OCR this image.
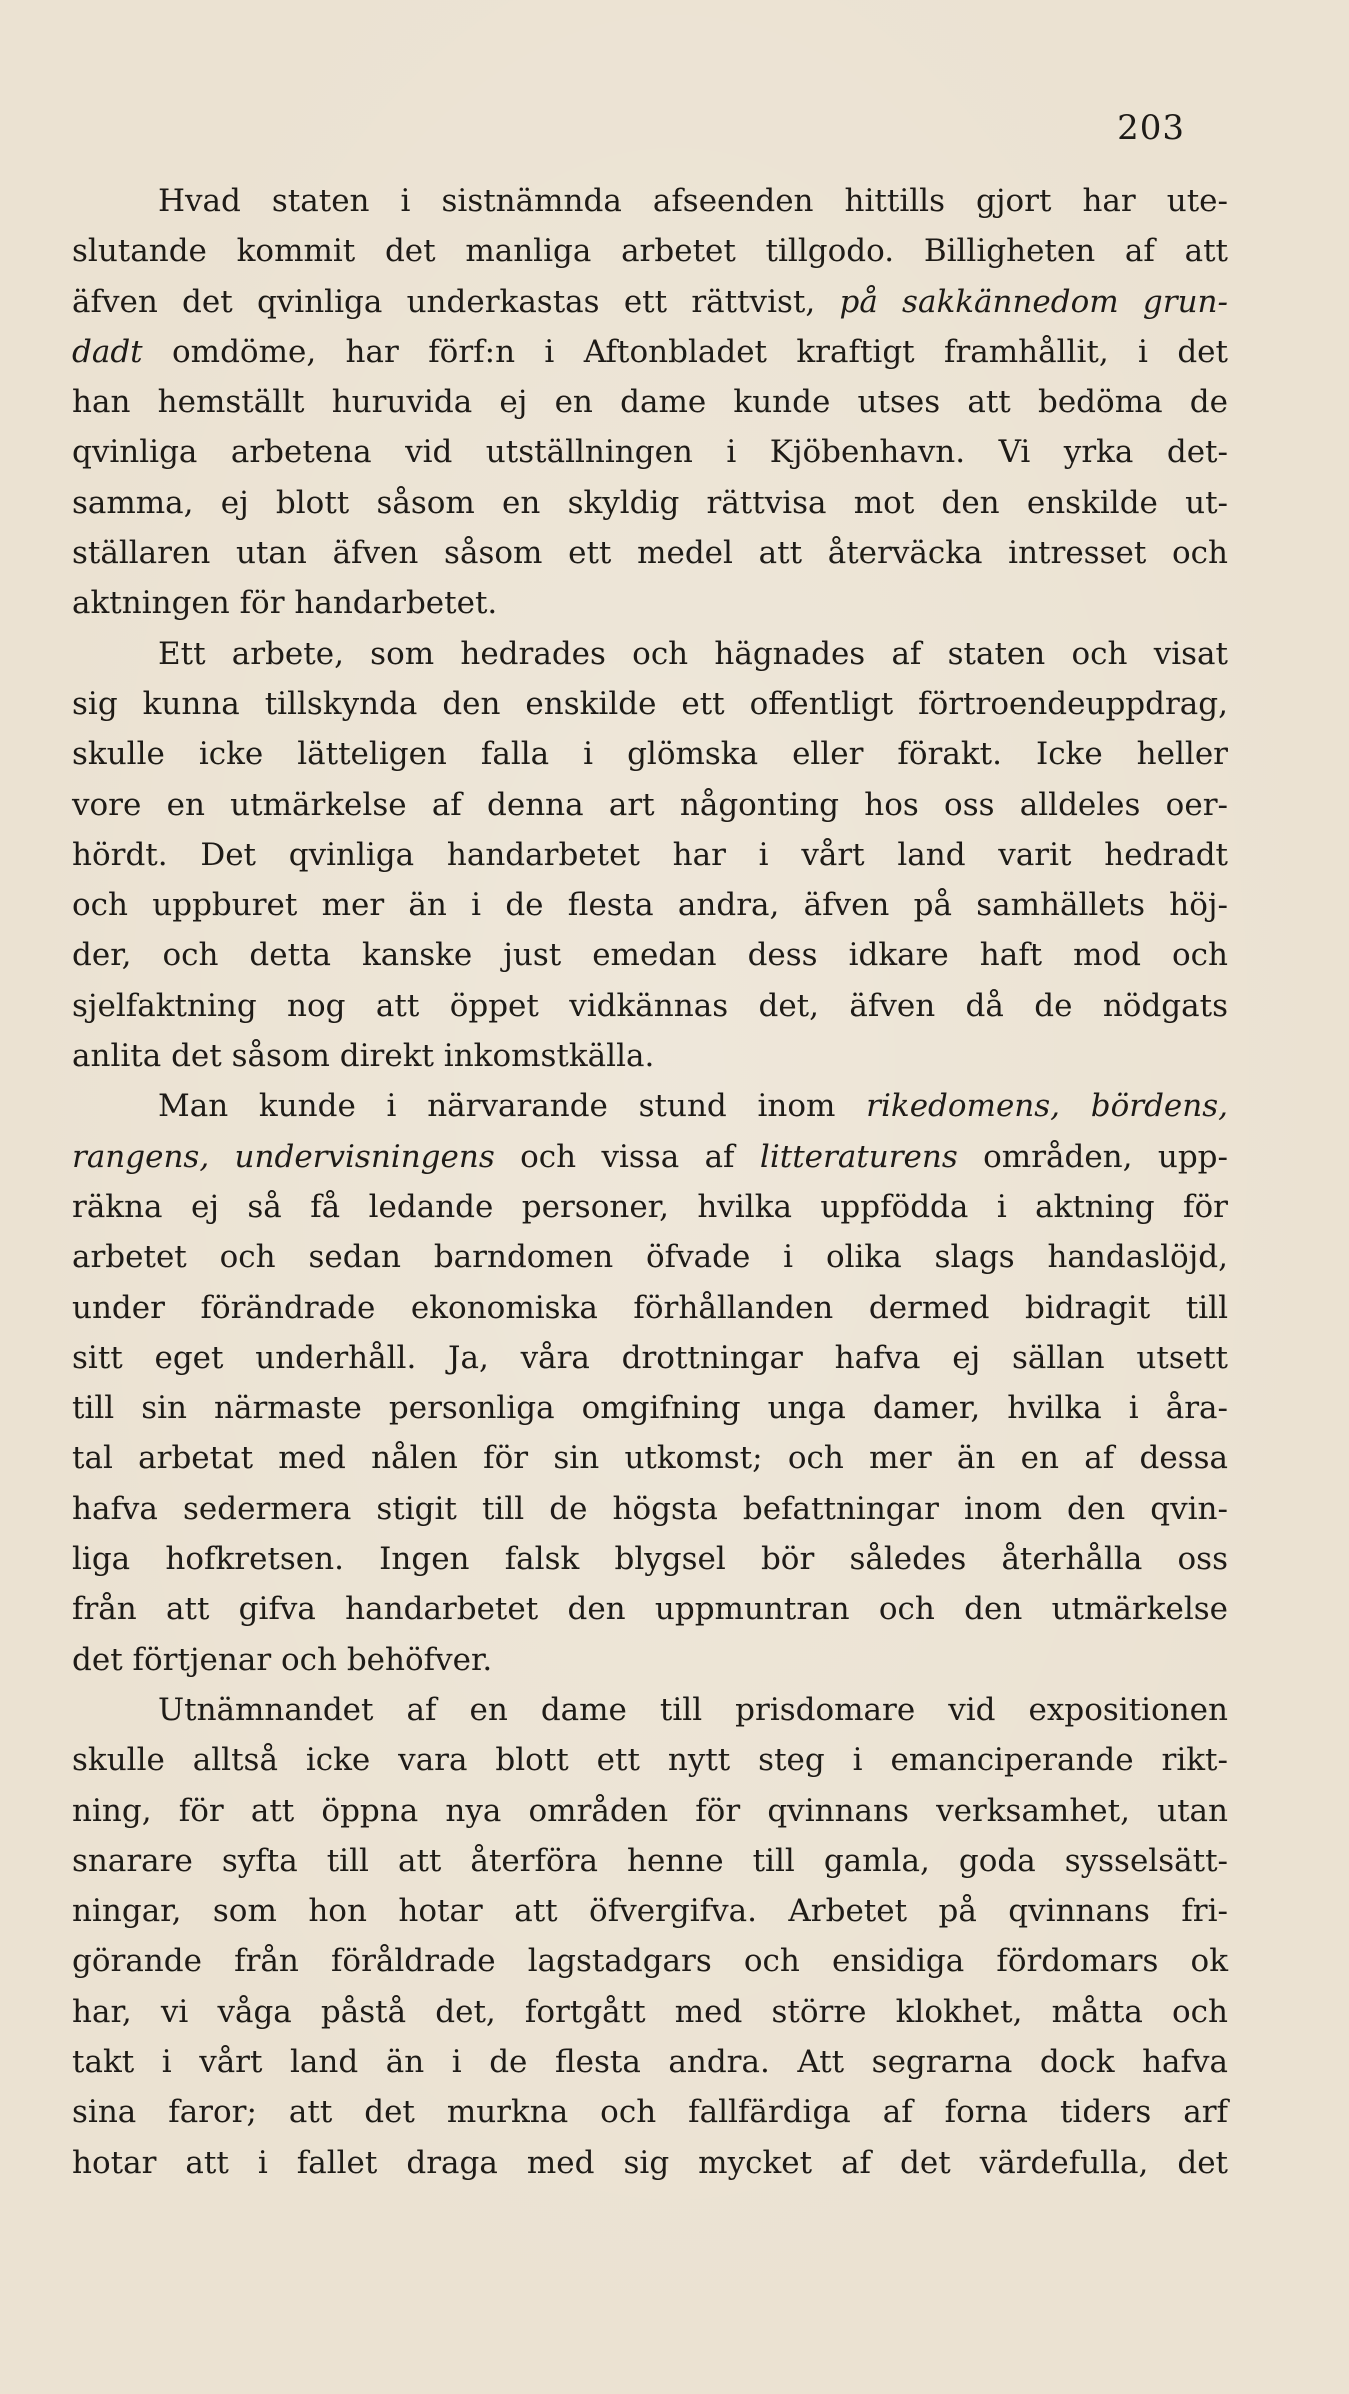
203
Hvad staten i sistnämnda afseenden hittills gjort har ute-
slutande kommit det manliga arbetet tillgodo. Billigheten af att
äfven det qvinliga underkastas ett rättvist, på sakkännedom grun-
dadt omdöme, har förf:n i Aftonbladet kraftigt framhållit, i det
han hemställt huruvida ej en dame kunde utses att bedöma de
qvinliga arbetena vid utställningen i Kjöbenhavn. Vi yrka det-
samma, ej blott såsom en skyldig rättvisa mot den enskilde ut-
ställaren utan äfven såsom ett medel att återväcka intresset och
aktningen för handarbetet.
Ett arbete, som hedrades och hägnades af staten och visat
sig kunna tillskynda den enskilde ett offentligt förtroendeuppdrag,
skulle icke lätteligen falla i glömska eller förakt. Icke heller
vore en utmärkelse af denna art någonting hos oss alldeles oer-
hördt. Det qvinliga handarbetet har i vårt land varit hedradt
och uppburet mer än i de flesta andra, äfven på samhällets höj-
der, och detta kanske just emedan dess idkare haft mod och
sjelfaktning nog att öppet vidkännas det, äfven då de nödgats
anlita det såsom direkt inkomstkälla.
Man kunde i närvarande stund inom rikedomens, bördens,
rangens, undervisningens och vissa af litteraturens områden, upp-
räkna ej så få ledande personer, hvilka uppfödda i aktning för
arbetet och sedan barndomen öfvade i olika slags handaslöjd,
under förändrade ekonomiska förhållanden dermed bidragit till
sitt eget underhåll. Ja, våra drottningar hafva ej sällan utsett
till sin närmaste personliga omgifning unga damer, hvilka i åra-
tal arbetat med nålen för sin utkomst; och mer än en af dessa
hafva sedermera stigit till de högsta befattningar inom den qvin-
liga hofkretsen. Ingen falsk blygsel bör således återhålla oss
från att gifva handarbetet den uppmuntran och den utmärkelse
det förtjenar och behöfver.
Utnämnandet af en dame till prisdomare vid expositionen
skulle alltså icke vara blott ett nytt steg i emanciperande rikt-
ning, för att öppna nya områden för qvinnans verksamhet, utan
snarare syfta till att återföra henne till gamla, goda sysselsätt-
ningar, som hon hotar att öfvergifva. Arbetet på qvinnans fri-
görande från föråldrade lagstadgars och ensidiga fördomars ok
har, vi våga påstå det, fortgått med större klokhet, måtta och
takt i vårt land än i de flesta andra. Att segrarna dock hafva
sina faror; att det murkna och fallfärdiga af forna tiders arf
hotar att i fallet draga med sig mycket af det värdefulla, det
